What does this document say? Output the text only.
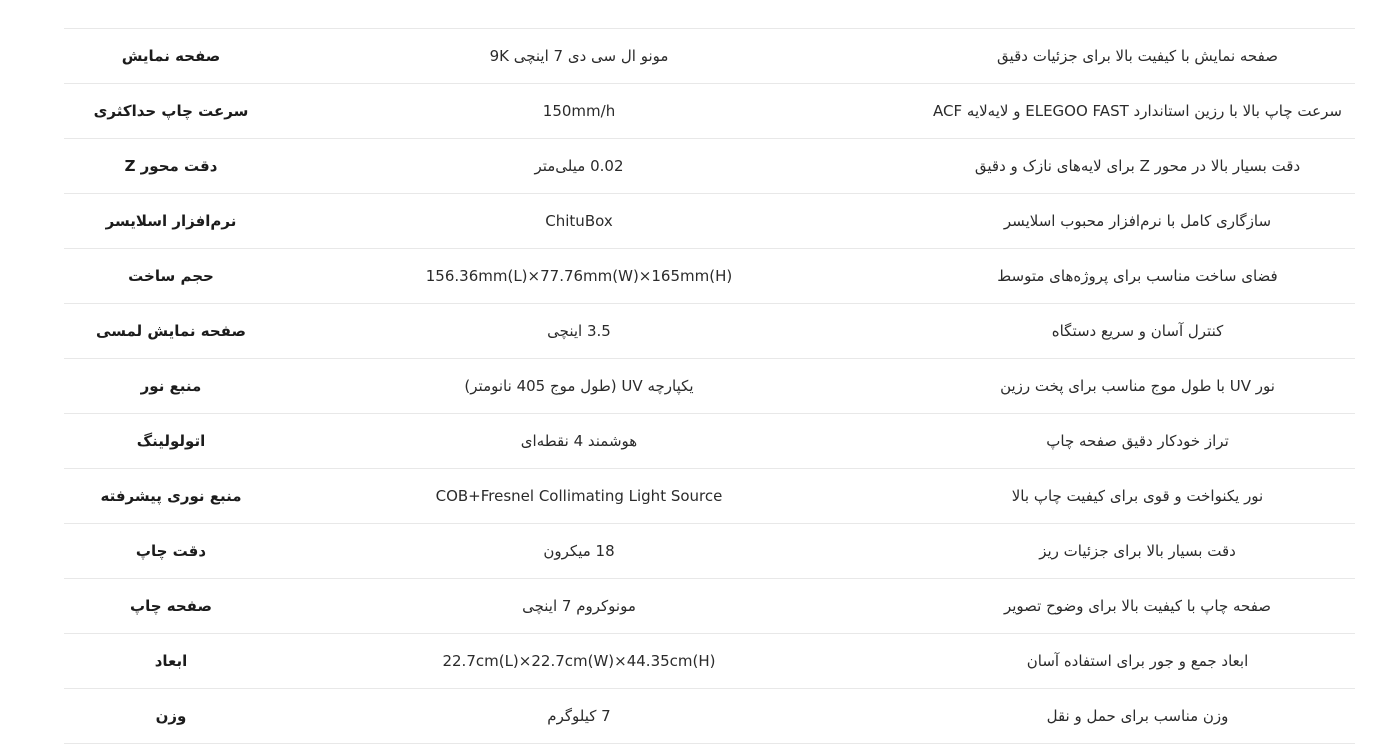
صفحه نمایش	مونو ال سی دی 7 اینچی 9K	صفحه نمایش با کیفیت بالا برای جزئیات دقیق
سرعت چاپ حداکثری	150mm/h	سرعت چاپ بالا با رزین استاندارد ELEGOO FAST و لایه‌لایه ACF
دقت محور Z	0.02 میلی‌متر	دقت بسیار بالا در محور Z برای لایه‌های نازک و دقیق
نرم‌افزار اسلایسر	ChituBox	سازگاری کامل با نرم‌افزار محبوب اسلایسر
حجم ساخت	156.36mm(L)×77.76mm(W)×165mm(H)	فضای ساخت مناسب برای پروژه‌های متوسط
صفحه نمایش لمسی	3.5 اینچی	کنترل آسان و سریع دستگاه
منبع نور	یکپارچه UV (طول موج 405 نانومتر)	نور UV با طول موج مناسب برای پخت رزین
اتولولینگ	هوشمند 4 نقطه‌ای	تراز خودکار دقیق صفحه چاپ
منبع نوری پیشرفته	COB+Fresnel Collimating Light Source	نور یکنواخت و قوی برای کیفیت چاپ بالا
دقت چاپ	18 میکرون	دقت بسیار بالا برای جزئیات ریز
صفحه چاپ	مونوکروم 7 اینچی	صفحه چاپ با کیفیت بالا برای وضوح تصویر
ابعاد	22.7cm(L)×22.7cm(W)×44.35cm(H)	ابعاد جمع و جور برای استفاده آسان
وزن	7 کیلوگرم	وزن مناسب برای حمل و نقل
